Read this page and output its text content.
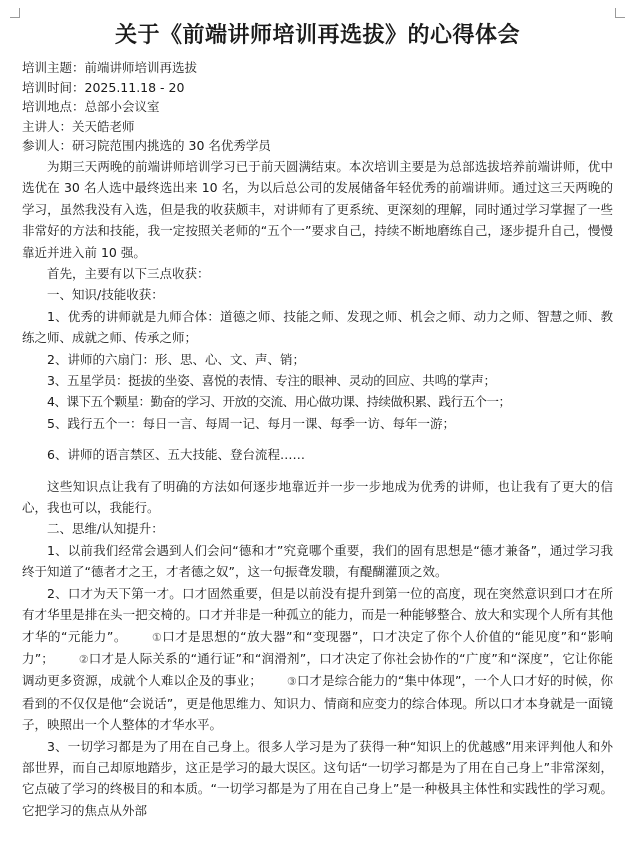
关于《前端讲师培训再选拔》的心得体会
培训主题：前端讲师培训再选拔
培训时间：2025.11.18 - 20
培训地点：总部小会议室
主讲人：关天皓老师
参训人：研习院范围内挑选的 30 名优秀学员

为期三天两晚的前端讲师培训学习已于前天圆满结束。本次培训主要是为总部选拔培养前端讲师，优中选优在 30 名人选中最终选出来 10 名，为以后总公司的发展储备年轻优秀的前端讲师。通过这三天两晚的学习，虽然我没有入选，但是我的收获颇丰，对讲师有了更系统、更深刻的理解，同时通过学习掌握了一些非常好的方法和技能，我一定按照关老师的“五个一”要求自己，持续不断地磨练自己，逐步提升自己，慢慢靠近并进入前 10 强。

首先，主要有以下三点收获：

一、知识/技能收获：

1、优秀的讲师就是九师合体：道德之师、技能之师、发现之师、机会之师、动力之师、智慧之师、教练之师、成就之师、传承之师；

2、讲师的六扇门：形、思、心、文、声、销；

3、五星学员：挺拔的坐姿、喜悦的表情、专注的眼神、灵动的回应、共鸣的掌声；

4、课下五个颗星：勤奋的学习、开放的交流、用心做功课、持续做积累、践行五个一；

5、践行五个一：每日一言、每周一记、每月一课、每季一访、每年一游；

6、讲师的语言禁区、五大技能、登台流程……

这些知识点让我有了明确的方法如何逐步地靠近并一步一步地成为优秀的讲师，也让我有了更大的信心，我也可以，我能行。

二、思维/认知提升：

1、以前我们经常会遇到人们会问“德和才”究竟哪个重要，我们的固有思想是“德才兼备”，通过学习我终于知道了“德者才之王，才者德之奴”，这一句振聋发聩，有醍醐灌顶之效。

2、口才为天下第一才。口才固然重要，但是以前没有提升到第一位的高度，现在突然意识到口才在所有才华里是排在头一把交椅的。口才并非是一种孤立的能力，而是一种能够整合、放大和实现个人所有其他才华的“元能力”。 ①口才是思想的“放大器”和“变现器”，口才决定了你个人价值的“能见度”和“影响力”； ②口才是人际关系的“通行证”和“润滑剂”，口才决定了你社会协作的“广度”和“深度”，它让你能调动更多资源，成就个人难以企及的事业； ③口才是综合能力的“集中体现”，一个人口才好的时候，你看到的不仅仅是他“会说话”，更是他思维力、知识力、情商和应变力的综合体现。所以口才本身就是一面镜子，映照出一个人整体的才华水平。

3、一切学习都是为了用在自己身上。很多人学习是为了获得一种“知识上的优越感”用来评判他人和外部世界，而自己却原地踏步，这正是学习的最大误区。这句话“一切学习都是为了用在自己身上”非常深刻，它点破了学习的终极目的和本质。“一切学习都是为了用在自己身上”是一种极具主体性和实践性的学习观。它把学习的焦点从外部
